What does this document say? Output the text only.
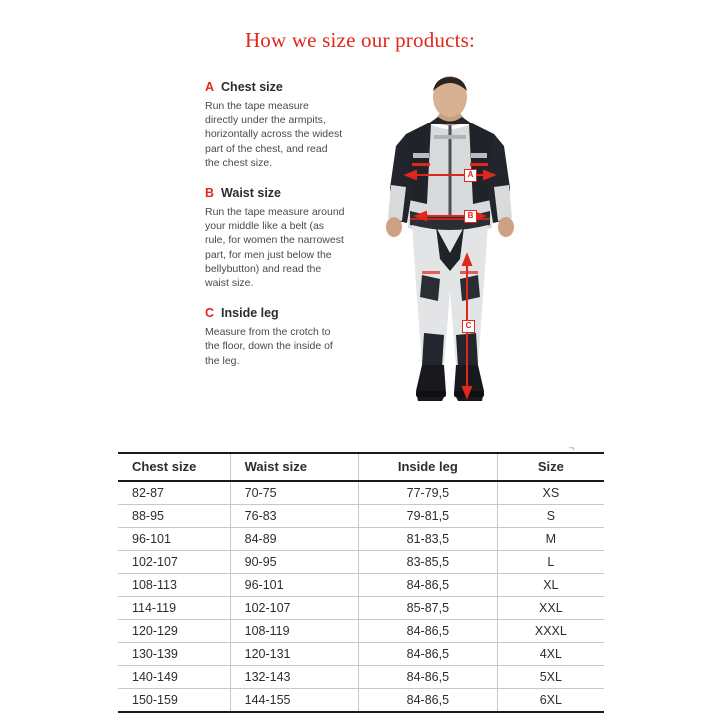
How we size our products:
A Chest size
Run the tape measure directly under the armpits, horizontally across the widest part of the chest, and read the chest size.
B Waist size
Run the tape measure around your middle like a belt (as rule, for women the narrowest part, for men just below the bellybutton) and read the waist size.
C Inside leg
Measure from the crotch to the floor, down the inside of the leg.
A
B
C
¬
Chest size	Waist size	Inside leg	Size
82-87	70-75	77-79,5	XS
88-95	76-83	79-81,5	S
96-101	84-89	81-83,5	M
102-107	90-95	83-85,5	L
108-113	96-101	84-86,5	XL
114-119	102-107	85-87,5	XXL
120-129	108-119	84-86,5	XXXL
130-139	120-131	84-86,5	4XL
140-149	132-143	84-86,5	5XL
150-159	144-155	84-86,5	6XL
